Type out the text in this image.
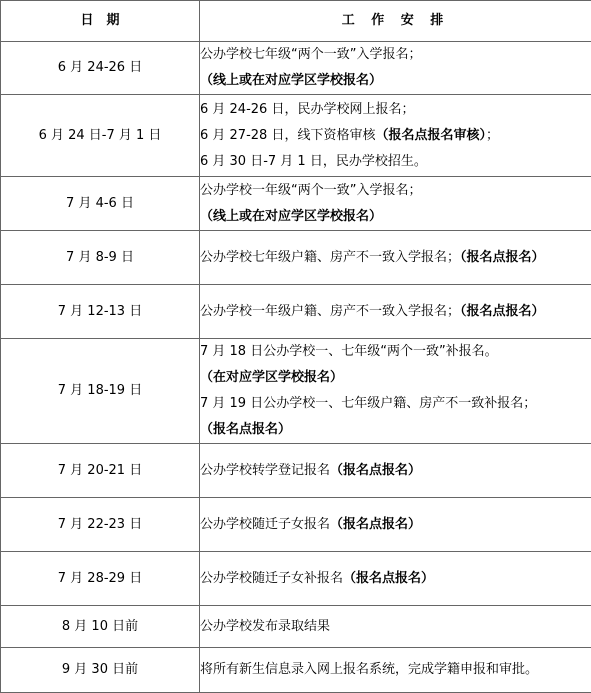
日　期	工 作 安 排
6 月 24-26 日	公办学校七年级“两个一致”入学报名；
（线上或在对应学区学校报名）

6 月 24 日-7 月 1 日	6 月 24-26 日，民办学校网上报名；
6 月 27-28 日，线下资格审核（报名点报名审核）；
6 月 30 日-7 月 1 日，民办学校招生。

7 月 4-6 日	公办学校一年级“两个一致”入学报名；
（线上或在对应学区学校报名）

7 月 8-9 日	公办学校七年级户籍、房产不一致入学报名；（报名点报名）

7 月 12-13 日	公办学校一年级户籍、房产不一致入学报名；（报名点报名）

7 月 18-19 日	7 月 18 日公办学校一、七年级“两个一致”补报名。
（在对应学区学校报名）
7 月 19 日公办学校一、七年级户籍、房产不一致补报名；
（报名点报名）

7 月 20-21 日	公办学校转学登记报名（报名点报名）

7 月 22-23 日	公办学校随迁子女报名（报名点报名）

7 月 28-29 日	公办学校随迁子女补报名（报名点报名）

8 月 10 日前	公办学校发布录取结果

9 月 30 日前	将所有新生信息录入网上报名系统，完成学籍申报和审批。
